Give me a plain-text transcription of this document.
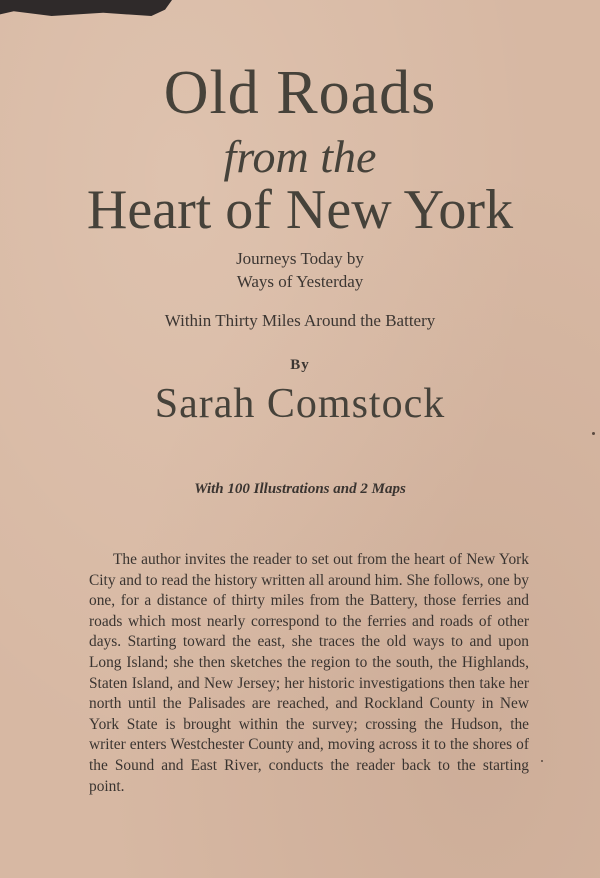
Old Roads
from the
Heart of New York
Journeys Today by
Ways of Yesterday
Within Thirty Miles Around the Battery
By
Sarah Comstock
With 100 Illustrations and 2 Maps

The author invites the reader to set out from the heart of New York City and to read the history written all around him. She follows, one by one, for a distance of thirty miles from the Battery, those ferries and roads which most nearly correspond to the ferries and roads of other days. Starting toward the east, she traces the old ways to and upon Long Island; she then sketches the region to the south, the Highlands, Staten Island, and New Jersey; her historic investigations then take her north until the Palisades are reached, and Rockland County in New York State is brought within the survey; crossing the Hudson, the writer enters Westchester County and, moving across it to the shores of the Sound and East River, conducts the reader back to the starting point.
